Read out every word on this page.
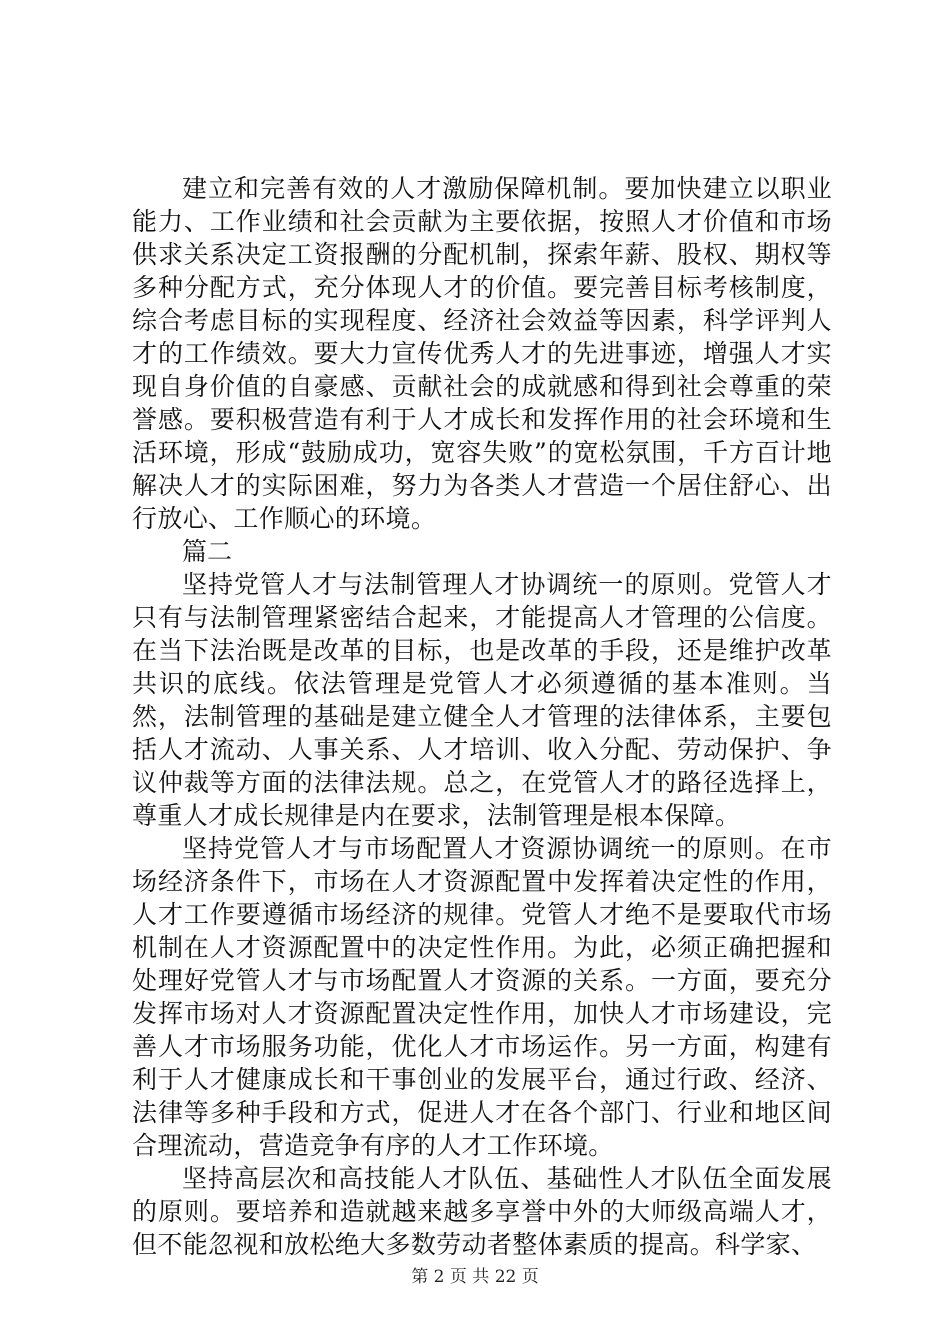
建立和完善有效的人才激励保障机制。要加快建立以职业能力、工作业绩和社会贡献为主要依据，按照人才价值和市场供求关系决定工资报酬的分配机制，探索年薪、股权、期权等多种分配方式，充分体现人才的价值。要完善目标考核制度，综合考虑目标的实现程度、经济社会效益等因素，科学评判人才的工作绩效。要大力宣传优秀人才的先进事迹，增强人才实现自身价值的自豪感、贡献社会的成就感和得到社会尊重的荣誉感。要积极营造有利于人才成长和发挥作用的社会环境和生活环境，形成“鼓励成功，宽容失败”的宽松氛围，千方百计地解决人才的实际困难，努力为各类人才营造一个居住舒心、出行放心、工作顺心的环境。

篇二

坚持党管人才与法制管理人才协调统一的原则。党管人才只有与法制管理紧密结合起来，才能提高人才管理的公信度。在当下法治既是改革的目标，也是改革的手段，还是维护改革共识的底线。依法管理是党管人才必须遵循的基本准则。当然，法制管理的基础是建立健全人才管理的法律体系，主要包括人才流动、人事关系、人才培训、收入分配、劳动保护、争议仲裁等方面的法律法规。总之，在党管人才的路径选择上，尊重人才成长规律是内在要求，法制管理是根本保障。

坚持党管人才与市场配置人才资源协调统一的原则。在市场经济条件下，市场在人才资源配置中发挥着决定性的作用，人才工作要遵循市场经济的规律。党管人才绝不是要取代市场机制在人才资源配置中的决定性作用。为此，必须正确把握和处理好党管人才与市场配置人才资源的关系。一方面，要充分发挥市场对人才资源配置决定性作用，加快人才市场建设，完善人才市场服务功能，优化人才市场运作。另一方面，构建有利于人才健康成长和干事创业的发展平台，通过行政、经济、法律等多种手段和方式，促进人才在各个部门、行业和地区间合理流动，营造竞争有序的人才工作环境。

坚持高层次和高技能人才队伍、基础性人才队伍全面发展的原则。要培养和造就越来越多享誉中外的大师级高端人才，但不能忽视和放松绝大多数劳动者整体素质的提高。科学家、

第 2 页 共 22 页
